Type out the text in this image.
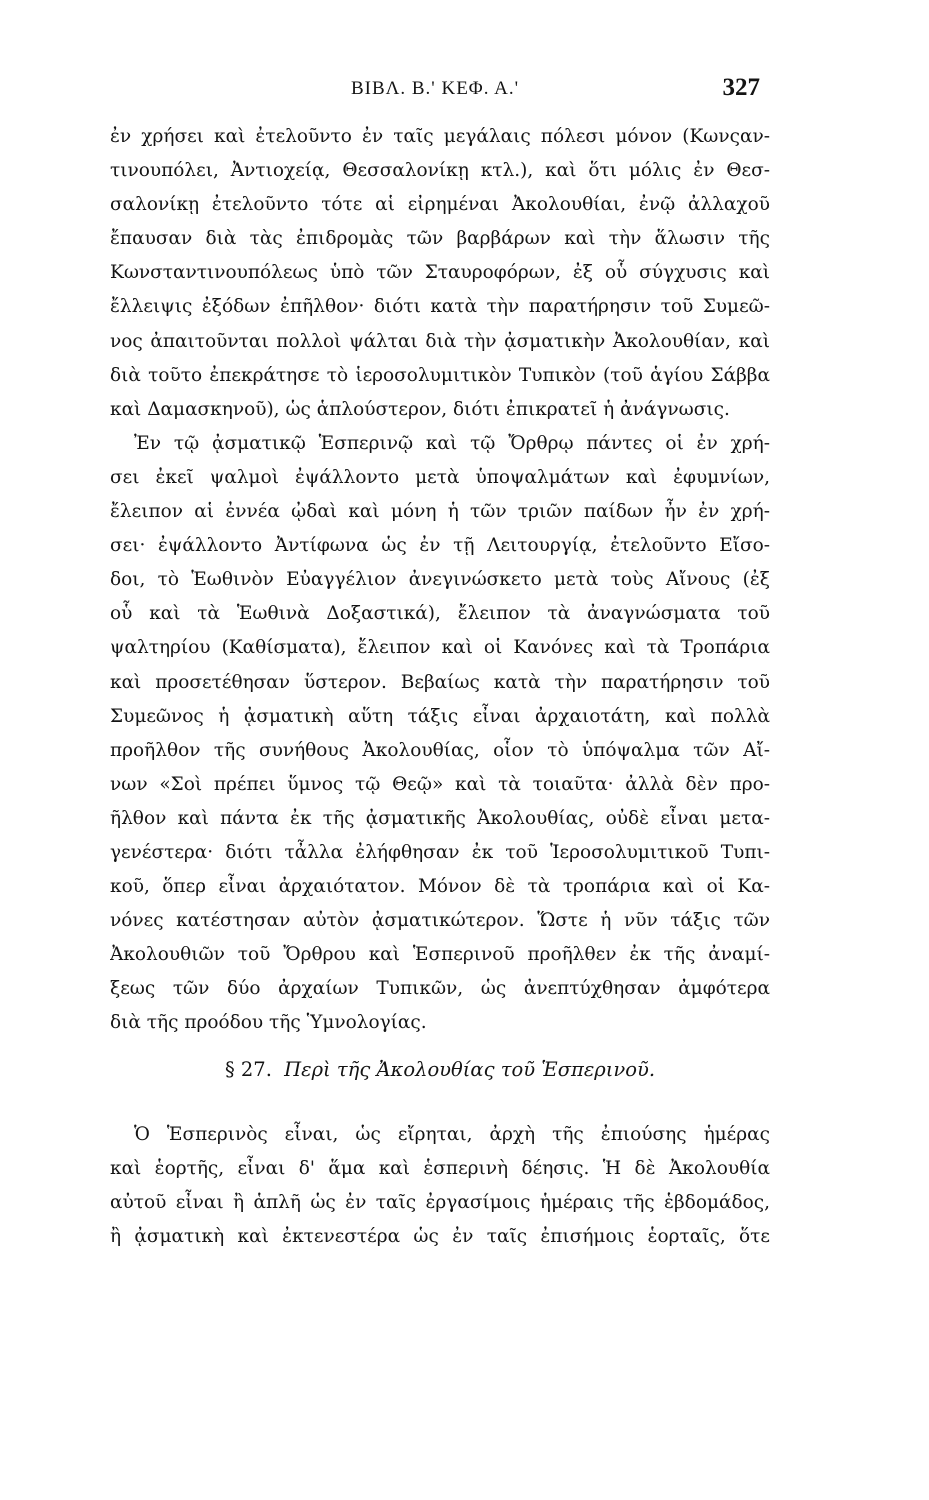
ΒΙΒΛ. Β.' ΚΕΦ. Α.'	327
ἐν χρήσει καὶ ἐτελοῦντο ἐν ταῖς μεγάλαις πόλεσι μόνον (Κωνςαν-
τινουπόλει, Ἀντιοχείᾳ, Θεσσαλονίκῃ κτλ.), καὶ ὅτι μόλις ἐν Θεσ-
σαλονίκῃ ἐτελοῦντο τότε αἱ εἰρημέναι Ἀκολουθίαι, ἐνῷ ἀλλαχοῦ
ἔπαυσαν διὰ τὰς ἐπιδρομὰς τῶν βαρβάρων καὶ τὴν ἅλωσιν τῆς
Κωνσταντινουπόλεως ὑπὸ τῶν Σταυροφόρων, ἐξ οὗ σύγχυσις καὶ
ἔλλειψις ἐξόδων ἐπῆλθον· διότι κατὰ τὴν παρατήρησιν τοῦ Συμεῶ-
νος ἀπαιτοῦνται πολλοὶ ψάλται διὰ τὴν ᾀσματικὴν Ἀκολουθίαν, καὶ
διὰ τοῦτο ἐπεκράτησε τὸ ἱεροσολυμιτικὸν Τυπικὸν (τοῦ ἁγίου Σάββα
καὶ Δαμασκηνοῦ), ὡς ἁπλούστερον, διότι ἐπικρατεῖ ἡ ἀνάγνωσις.
Ἐν τῷ ᾀσματικῷ Ἑσπερινῷ καὶ τῷ Ὄρθρῳ πάντες οἱ ἐν χρή-
σει ἐκεῖ ψαλμοὶ ἐψάλλοντο μετὰ ὑποψαλμάτων καὶ ἐφυμνίων,
ἔλειπον αἱ ἐννέα ᾠδαὶ καὶ μόνη ἡ τῶν τριῶν παίδων ἦν ἐν χρή-
σει· ἐψάλλοντο Ἀντίφωνα ὡς ἐν τῇ Λειτουργίᾳ, ἐτελοῦντο Εἴσο-
δοι, τὸ Ἑωθινὸν Εὐαγγέλιον ἀνεγινώσκετο μετὰ τοὺς Αἴνους (ἐξ
οὗ καὶ τὰ Ἑωθινὰ Δοξαστικά), ἔλειπον τὰ ἀναγνώσματα τοῦ
ψαλτηρίου (Καθίσματα), ἔλειπον καὶ οἱ Κανόνες καὶ τὰ Τροπάρια
καὶ προσετέθησαν ὕστερον. Βεβαίως κατὰ τὴν παρατήρησιν τοῦ
Συμεῶνος ἡ ᾀσματικὴ αὕτη τάξις εἶναι ἀρχαιοτάτη, καὶ πολλὰ
προῆλθον τῆς συνήθους Ἀκολουθίας, οἷον τὸ ὑπόψαλμα τῶν Αἴ-
νων «Σοὶ πρέπει ὕμνος τῷ Θεῷ» καὶ τὰ τοιαῦτα· ἀλλὰ δὲν προ-
ῆλθον καὶ πάντα ἐκ τῆς ᾀσματικῆς Ἀκολουθίας, οὐδὲ εἶναι μετα-
γενέστερα· διότι τἆλλα ἐλήφθησαν ἐκ τοῦ Ἱεροσολυμιτικοῦ Τυπι-
κοῦ, ὅπερ εἶναι ἀρχαιότατον. Μόνον δὲ τὰ τροπάρια καὶ οἱ Κα-
νόνες κατέστησαν αὐτὸν ᾀσματικώτερον. Ὥστε ἡ νῦν τάξις τῶν
Ἀκολουθιῶν τοῦ Ὄρθρου καὶ Ἑσπερινοῦ προῆλθεν ἐκ τῆς ἀναμί-
ξεως τῶν δύο ἀρχαίων Τυπικῶν, ὡς ἀνεπτύχθησαν ἀμφότερα
διὰ τῆς προόδου τῆς Ὑμνολογίας.
§ 27. Περὶ τῆς Ἀκολουθίας τοῦ Ἑσπερινοῦ.
Ὁ Ἑσπερινὸς εἶναι, ὡς εἴρηται, ἀρχὴ τῆς ἐπιούσης ἡμέρας
καὶ ἑορτῆς, εἶναι δ' ἅμα καὶ ἑσπερινὴ δέησις. Ἡ δὲ Ἀκολουθία
αὐτοῦ εἶναι ἢ ἁπλῆ ὡς ἐν ταῖς ἐργασίμοις ἡμέραις τῆς ἑβδομάδος,
ἢ ᾀσματικὴ καὶ ἐκτενεστέρα ὡς ἐν ταῖς ἐπισήμοις ἑορταῖς, ὅτε
